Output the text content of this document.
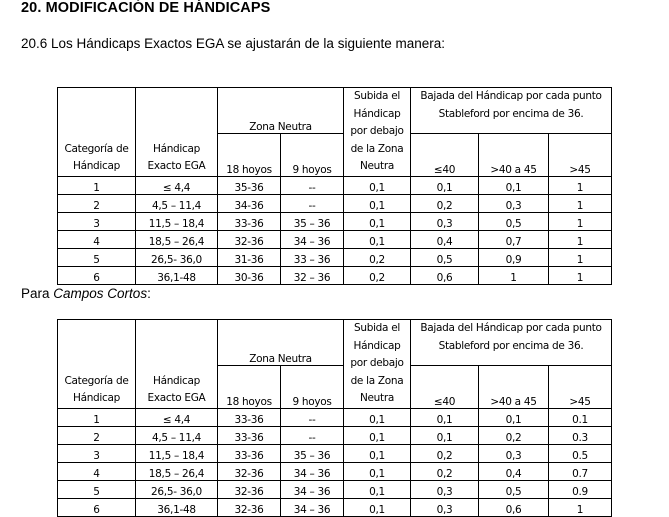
20. MODIFICACIÓN DE HÁNDICAPS
20.6 Los Hándicaps Exactos EGA se ajustarán de la siguiente manera:
Categoría de Hándicap	Hándicap Exacto EGA	Zona Neutra		Subida el Hándicap por debajo de la Zona Neutra	Bajada del Hándicap por cada punto Stableford por encima de 36.		
		18 hoyos	9 hoyos		≤40	>40 a 45	>45
1	≤ 4,4	35-36	--	0,1	0,1	0,1	1
2	4,5 – 11,4	34-36	--	0,1	0,2	0,3	1
3	11,5 – 18,4	33-36	35 – 36	0,1	0,3	0,5	1
4	18,5 – 26,4	32-36	34 – 36	0,1	0,4	0,7	1
5	26,5- 36,0	31-36	33 – 36	0,2	0,5	0,9	1
6	36,1-48	30-36	32 – 36	0,2	0,6	1	1
Para Campos Cortos:
Categoría de Hándicap	Hándicap Exacto EGA	Zona Neutra		Subida el Hándicap por debajo de la Zona Neutra	Bajada del Hándicap por cada punto Stableford por encima de 36.		
		18 hoyos	9 hoyos		≤40	>40 a 45	>45
1	≤ 4,4	33-36	--	0,1	0,1	0,1	0.1
2	4,5 – 11,4	33-36	--	0,1	0,1	0,2	0.3
3	11,5 – 18,4	33-36	35 – 36	0,1	0,2	0,3	0.5
4	18,5 – 26,4	32-36	34 – 36	0,1	0,2	0,4	0.7
5	26,5- 36,0	32-36	34 – 36	0,1	0,3	0,5	0.9
6	36,1-48	32-36	34 – 36	0,1	0,3	0,6	1
